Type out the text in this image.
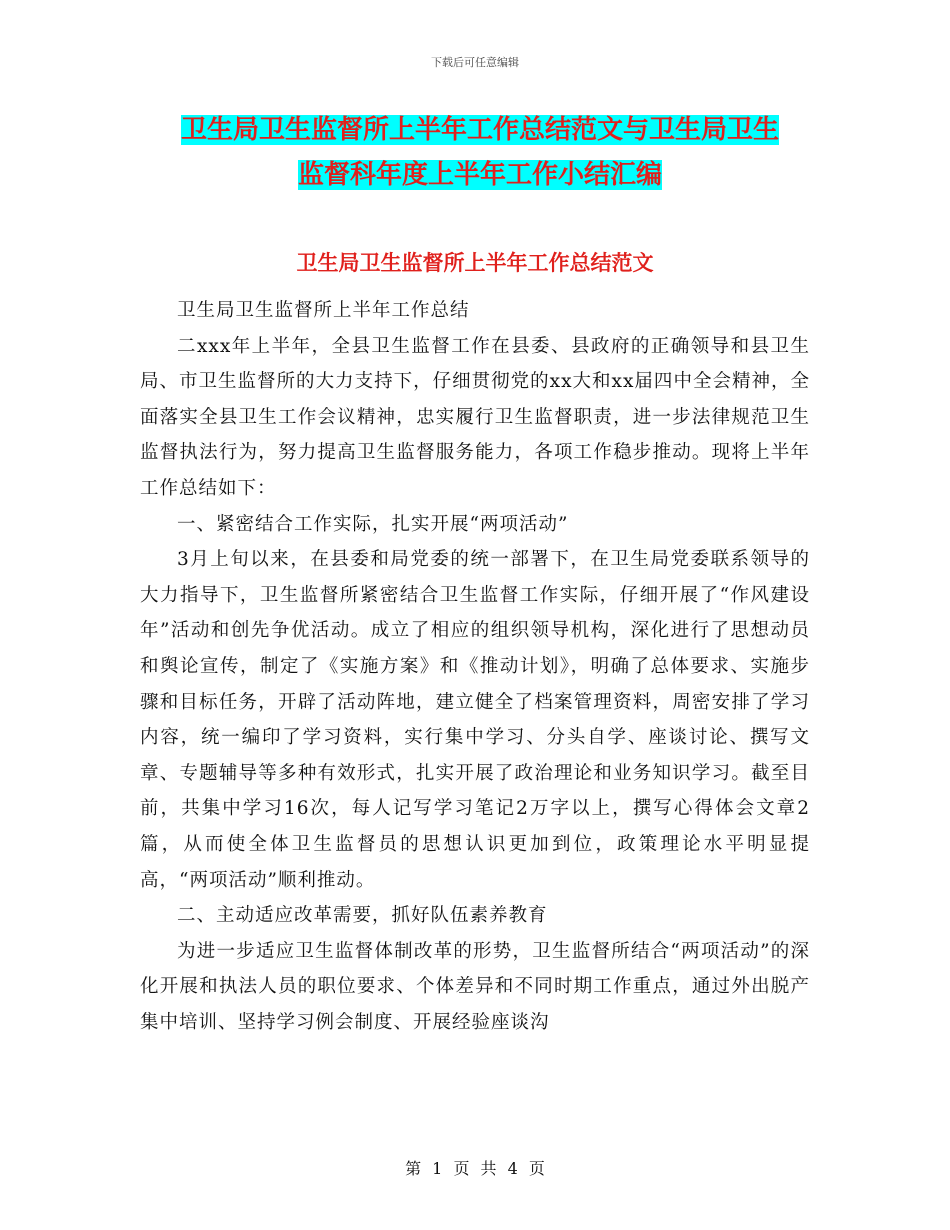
下载后可任意编辑
卫生局卫生监督所上半年工作总结范文与卫生局卫生
监督科年度上半年工作小结汇编
卫生局卫生监督所上半年工作总结范文

卫生局卫生监督所上半年工作总结

二xxx年上半年，全县卫生监督工作在县委、县政府的正确领导和县卫生局、市卫生监督所的大力支持下，仔细贯彻党的xx大和xx届四中全会精神，全面落实全县卫生工作会议精神，忠实履行卫生监督职责，进一步法律规范卫生监督执法行为，努力提高卫生监督服务能力，各项工作稳步推动。现将上半年工作总结如下：

一、紧密结合工作实际，扎实开展“两项活动”

3月上旬以来，在县委和局党委的统一部署下，在卫生局党委联系领导的大力指导下，卫生监督所紧密结合卫生监督工作实际，仔细开展了“作风建设年”活动和创先争优活动。成立了相应的组织领导机构，深化进行了思想动员和舆论宣传，制定了《实施方案》和《推动计划》，明确了总体要求、实施步骤和目标任务，开辟了活动阵地，建立健全了档案管理资料，周密安排了学习内容，统一编印了学习资料，实行集中学习、分头自学、座谈讨论、撰写文章、专题辅导等多种有效形式，扎实开展了政治理论和业务知识学习。截至目前，共集中学习16次，每人记写学习笔记2万字以上，撰写心得体会文章2篇，从而使全体卫生监督员的思想认识更加到位，政策理论水平明显提高，“两项活动”顺利推动。

二、主动适应改革需要，抓好队伍素养教育

为进一步适应卫生监督体制改革的形势，卫生监督所结合“两项活动”的深化开展和执法人员的职位要求、个体差异和不同时期工作重点，通过外出脱产集中培训、坚持学习例会制度、开展经验座谈沟

第 1 页 共 4 页
